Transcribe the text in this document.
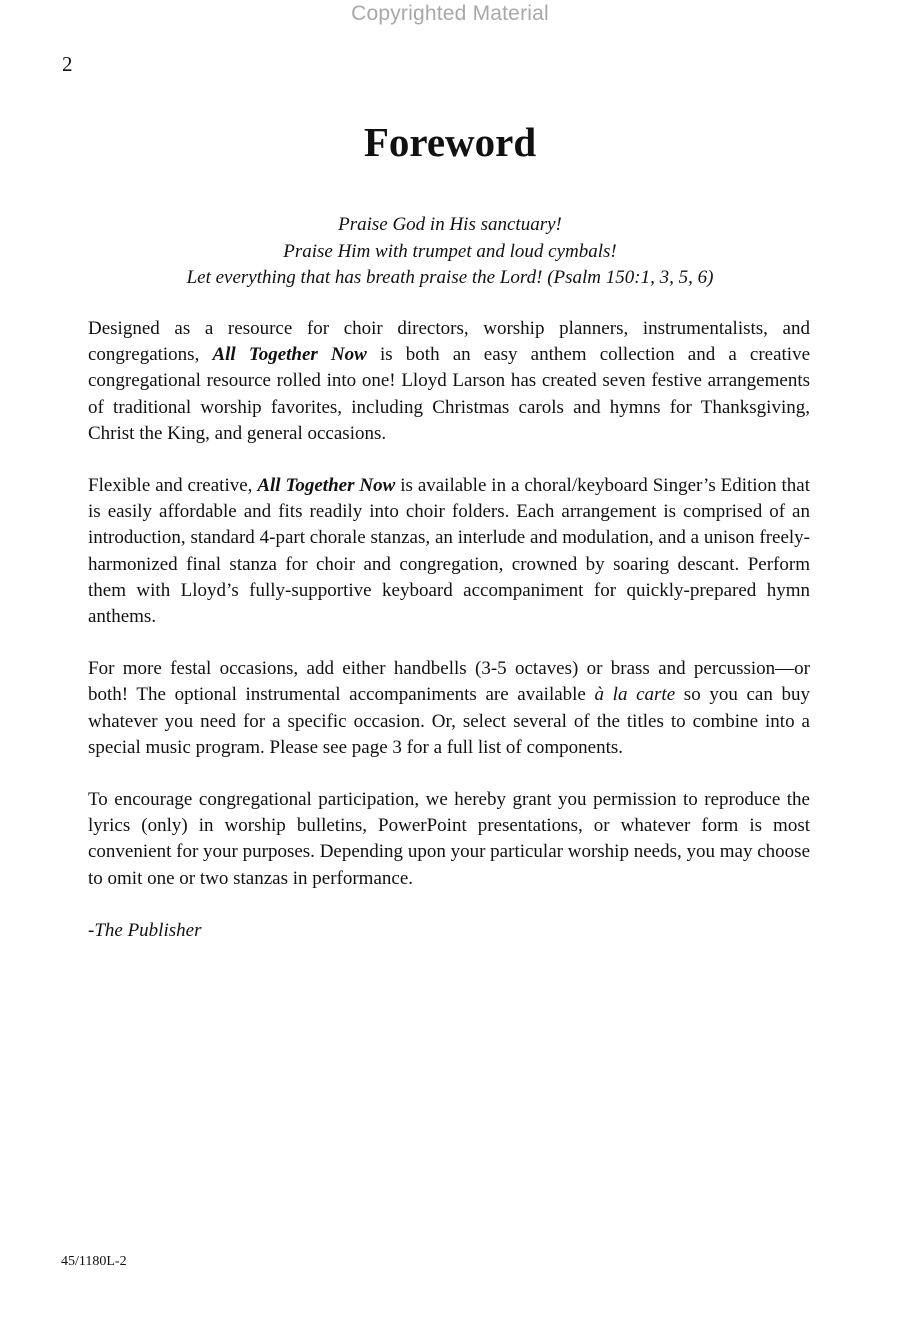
Copyrighted Material
2
Foreword
Praise God in His sanctuary!
Praise Him with trumpet and loud cymbals!
Let everything that has breath praise the Lord! (Psalm 150:1, 3, 5, 6)

Designed as a resource for choir directors, worship planners, instrumentalists, and congregations, All Together Now is both an easy anthem collection and a creative congregational resource rolled into one! Lloyd Larson has created seven festive arrangements of traditional worship favorites, including Christmas carols and hymns for Thanksgiving, Christ the King, and general occasions.

Flexible and creative, All Together Now is available in a choral/keyboard Singer’s Edition that is easily affordable and fits readily into choir folders. Each arrangement is comprised of an introduction, standard 4-part chorale stanzas, an interlude and modulation, and a unison freely-harmonized final stanza for choir and congregation, crowned by soaring descant. Perform them with Lloyd’s fully-supportive keyboard accompaniment for quickly-prepared hymn anthems.

For more festal occasions, add either handbells (3-5 octaves) or brass and percussion—or both! The optional instrumental accompaniments are available à la carte so you can buy whatever you need for a specific occasion. Or, select several of the titles to combine into a special music program. Please see page 3 for a full list of components.

To encourage congregational participation, we hereby grant you permission to reproduce the lyrics (only) in worship bulletins, PowerPoint presentations, or whatever form is most convenient for your purposes. Depending upon your particular worship needs, you may choose to omit one or two stanzas in performance.

-The Publisher

45/1180L-2
